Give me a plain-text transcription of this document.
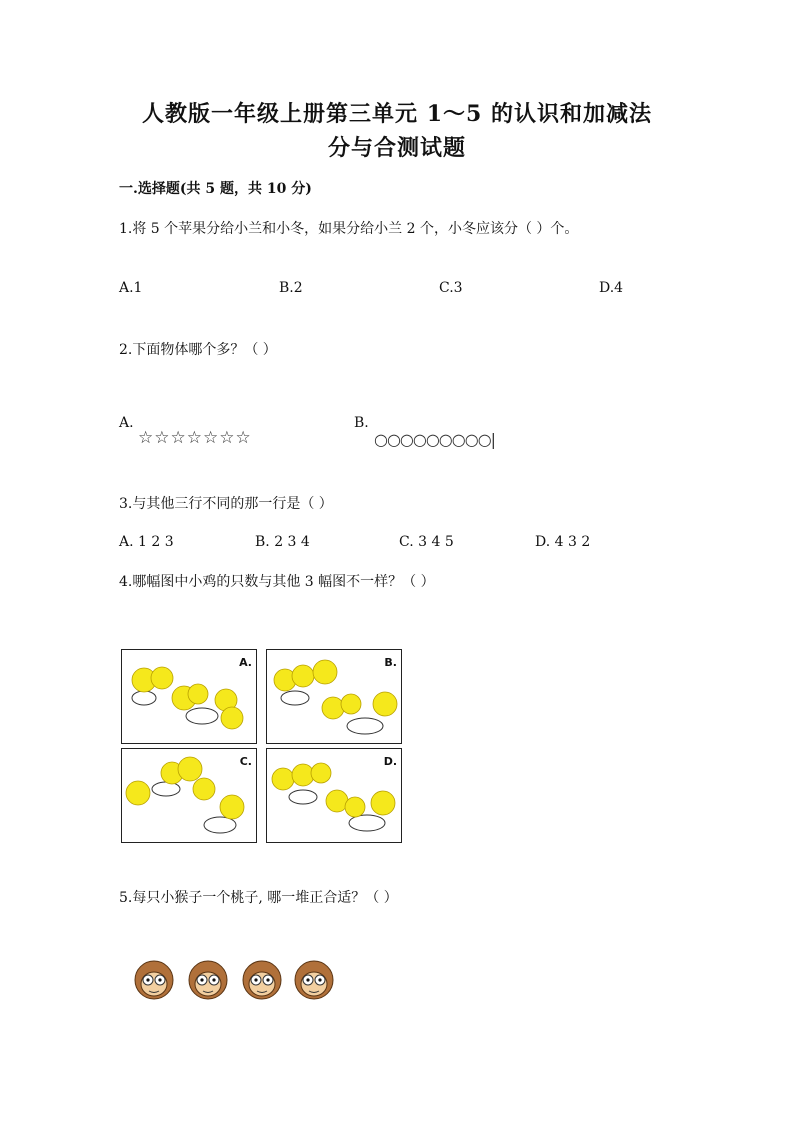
人教版一年级上册第三单元 1～5 的认识和加减法
分与合测试题
一.选择题(共 5 题，共 10 分)
1.将 5 个苹果分给小兰和小冬，如果分给小兰 2 个，小冬应该分（ ）个。
A.1	B.2	C.3	D.4
2.下面物体哪个多？（ ）
A.
☆☆☆☆☆☆☆
B.
○○○○○○○○○|
3.与其他三行不同的那一行是（ ）
A. 1 2 3	B. 2 3 4	C. 3 4 5	D. 4 3 2
4.哪幅图中小鸡的只数与其他 3 幅图不一样？（ ）
A.	B.
C.	D.
5.每只小猴子一个桃子, 哪一堆正合适？（ ）
